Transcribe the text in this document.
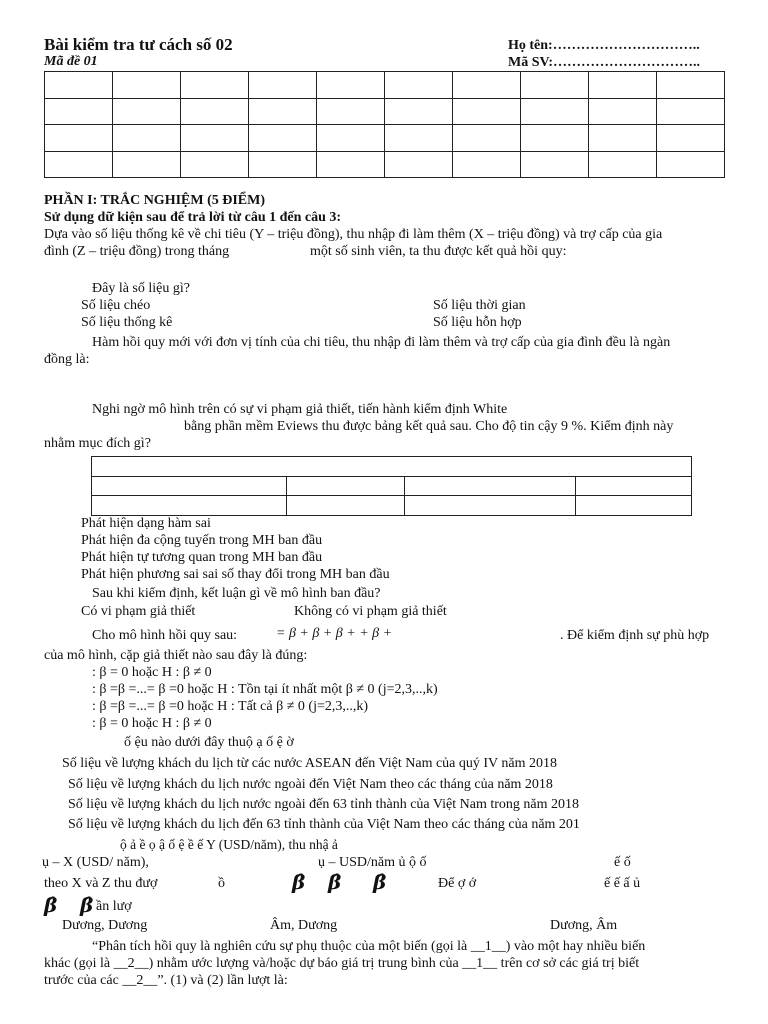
Bài kiểm tra tư cách số 02
Mã đề 01
Họ tên:…………………………..
Mã SV:…………………………..

PHẦN I: TRẮC NGHIỆM (5 ĐIỂM)
Sử dụng dữ kiện sau để trả lời từ câu 1 đến câu 3:
Dựa vào số liệu thống kê về chi tiêu (Y – triệu đồng), thu nhập đi làm thêm (X – triệu đồng) và trợ cấp của gia
đình (Z – triệu đồng) trong tháng	một số sinh viên, ta thu được kết quả hồi quy:
Đây là số liệu gì?
Số liệu chéo	Số liệu thời gian
Số liệu thống kê	Số liệu hỗn hợp
Hàm hồi quy mới với đơn vị tính của chi tiêu, thu nhập đi làm thêm và trợ cấp của gia đình đều là ngàn
đồng là:
Nghi ngờ mô hình trên có sự vi phạm giả thiết, tiến hành kiểm định White
bằng phần mềm Eviews thu được bảng kết quả sau. Cho độ tin cậy 9 %. Kiểm định này
nhằm mục đích gì?

Phát hiện dạng hàm sai
Phát hiện đa cộng tuyến trong MH ban đầu
Phát hiện tự tương quan trong MH ban đầu
Phát hiện phương sai sai số thay đổi trong MH ban đầu
Sau khi kiểm định, kết luận gì về mô hình ban đầu?
Có vi phạm giả thiết	Không có vi phạm giả thiết
Cho mô hình hồi quy sau:	= β + β + β + + β +	. Để kiểm định sự phù hợp
của mô hình, cặp giả thiết nào sau đây là đúng:
: β = 0 hoặc H : β ≠ 0
: β =β =...= β =0 hoặc H : Tồn tại ít nhất một β ≠ 0 (j=2,3,..,k)
: β =β =...= β =0 hoặc H : Tất cả β ≠ 0 (j=2,3,..,k)
: β = 0 hoặc H : β ≠ 0
ố ệu nào dưới đây thuộ ạ ố ệ ờ
Số liệu về lượng khách du lịch từ các nước ASEAN đến Việt Nam của quý IV năm 2018
Số liệu về lượng khách du lịch nước ngoài đến Việt Nam theo các tháng của năm 2018
Số liệu về lượng khách du lịch nước ngoài đến 63 tỉnh thành của Việt Nam trong năm 2018
Số liệu về lượng khách du lịch đến 63 tỉnh thành của Việt Nam theo các tháng của năm 201
ộ ả ề ọ ậ ố ệ ề ế Y (USD/năm), thu nhậ ả
ụ – X (USD/ năm),	ụ – USD/năm ủ ộ ố	ế ố
theo X và Z thu đượ	ồ	β̂ β̂ β̂	Để ợ ớ	ế ế ấ ủ
β̂ β̂ ần lượ
Dương, Dương	Âm, Dương	Dương, Âm
“Phân tích hồi quy là nghiên cứu sự phụ thuộc của một biến (gọi là __1__) vào một hay nhiều biến
khác (gọi là __2__) nhằm ước lượng và/hoặc dự báo giá trị trung bình của __1__ trên cơ sở các giá trị biết
trước của các __2__”. (1) và (2) lần lượt là:
